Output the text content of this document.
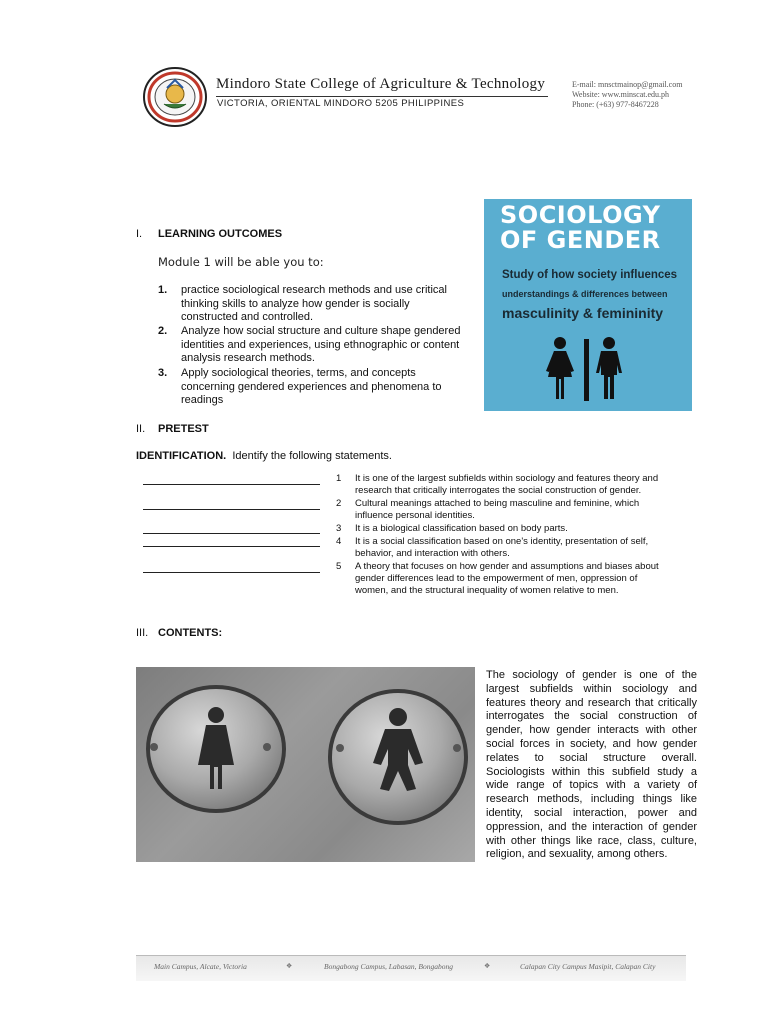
Mindoro State College of Agriculture & Technology
VICTORIA, ORIENTAL MINDORO 5205 PHILIPPINES
E-mail: mnsctmainop@gmail.com
Website: www.minscat.edu.ph
Phone: (+63) 977-8467228
SOCIOLOGY
OF GENDER
Study of how society influences
understandings & differences between
masculinity & femininity
I. LEARNING OUTCOMES
Module 1 will be able you to:
1. practice sociological research methods and use critical
thinking skills to analyze how gender is socially
constructed and controlled.
2. Analyze how social structure and culture shape gendered
identities and experiences, using ethnographic or content
analysis research methods.
3. Apply sociological theories, terms, and concepts
concerning gendered experiences and phenomena to
readings
II. PRETEST
IDENTIFICATION. Identify the following statements.
1 It is one of the largest subfields within sociology and features theory and
research that critically interrogates the social construction of gender.
2 Cultural meanings attached to being masculine and feminine, which
influence personal identities.
3 It is a biological classification based on body parts.
4 It is a social classification based on one's identity, presentation of self,
behavior, and interaction with others.
5 A theory that focuses on how gender and assumptions and biases about
gender differences lead to the empowerment of men, oppression of
women, and the structural inequality of women relative to men.
III. CONTENTS:
The sociology of gender is one of the largest subfields within sociology and features theory and research that critically interrogates the social construction of gender, how gender interacts with other social forces in society, and how gender relates to social structure overall. Sociologists within this subfield study a wide range of topics with a variety of research methods, including things like identity, social interaction, power and oppression, and the interaction of gender with other things like race, class, culture, religion, and sexuality, among others.
Main Campus, Alcate, Victoria	❖	Bongabong Campus, Labasan, Bongabong	❖	Calapan City Campus Masipit, Calapan City
